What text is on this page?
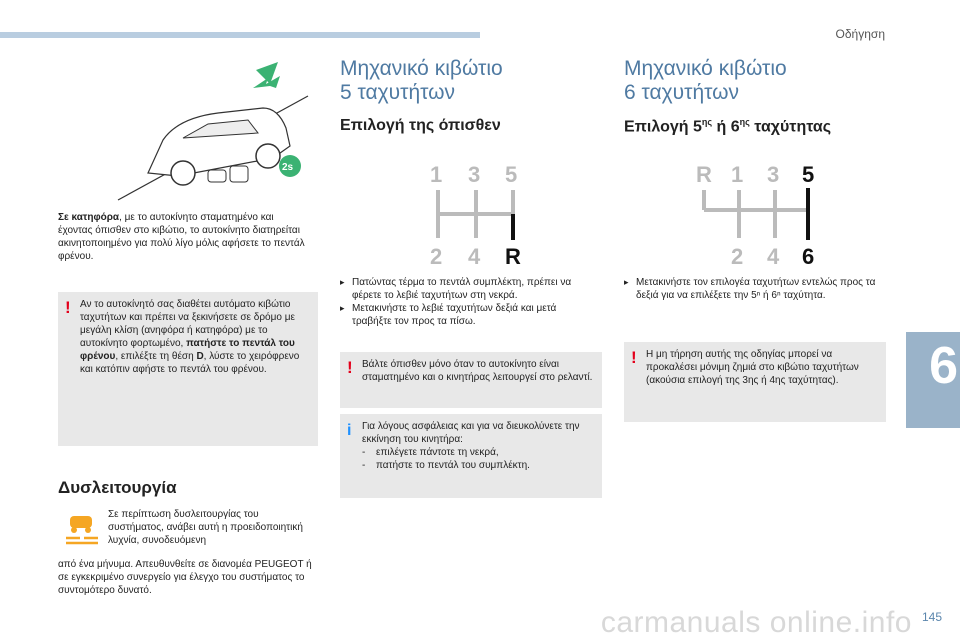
Οδήγηση
6
145
carmanuals online.info
2s

Σε κατηφόρα, με το αυτοκίνητο σταματημένο και έχοντας όπισθεν στο κιβώτιο, το αυτοκίνητο διατηρείται ακινητοποιημένο για πολύ λίγο μόλις αφήσετε το πεντάλ φρένου.

! Αν το αυτοκίνητό σας διαθέτει αυτόματο κιβώτιο ταχυτήτων και πρέπει να ξεκινήσετε σε δρόμο με μεγάλη κλίση (ανηφόρα ή κατηφόρα) με το αυτοκίνητο φορτωμένο, πατήστε το πεντάλ του φρένου, επιλέξτε τη θέση D, λύστε το χειρόφρενο και κατόπιν αφήστε το πεντάλ του φρένου.

Δυσλειτουργία

Σε περίπτωση δυσλειτουργίας του συστήματος, ανάβει αυτή η προειδοποιητική λυχνία, συνοδευόμενη

από ένα μήνυμα. Απευθυνθείτε σε διανομέα PEUGEOT ή σε εγκεκριμένο συνεργείο για έλεγχο του συστήματος το συντομότερο δυνατό.

Μηχανικό κιβώτιο
5 ταχυτήτων
Επιλογή της όπισθεν
1 3 5
2 4 R

▸ Πατώντας τέρμα το πεντάλ συμπλέκτη, πρέπει να φέρετε το λεβιέ ταχυτήτων στη νεκρά.

▸ Μετακινήστε το λεβιέ ταχυτήτων δεξιά και μετά τραβήξτε τον προς τα πίσω.

! Βάλτε όπισθεν μόνο όταν το αυτοκίνητο είναι σταματημένο και ο κινητήρας λειτουργεί στο ρελαντί.

i Για λόγους ασφάλειας και για να διευκολύνετε την εκκίνηση του κινητήρα:

- επιλέγετε πάντοτε τη νεκρά,
- πατήστε το πεντάλ του συμπλέκτη.
Μηχανικό κιβώτιο
6 ταχυτήτων
Επιλογή $5^{\eta\varsigma}$ ή $6^{\eta\varsigma}$ ταχύτητας
R 1 3 5
2 4 6

▸ Μετακινήστε τον επιλογέα ταχυτήτων εντελώς προς τα δεξιά για να επιλέξετε την 5ⁿ ή 6ⁿ ταχύτητα.

! Η μη τήρηση αυτής της οδηγίας μπορεί να προκαλέσει μόνιμη ζημιά στο κιβώτιο ταχυτήτων (ακούσια επιλογή της 3ης ή 4ης ταχύτητας).
